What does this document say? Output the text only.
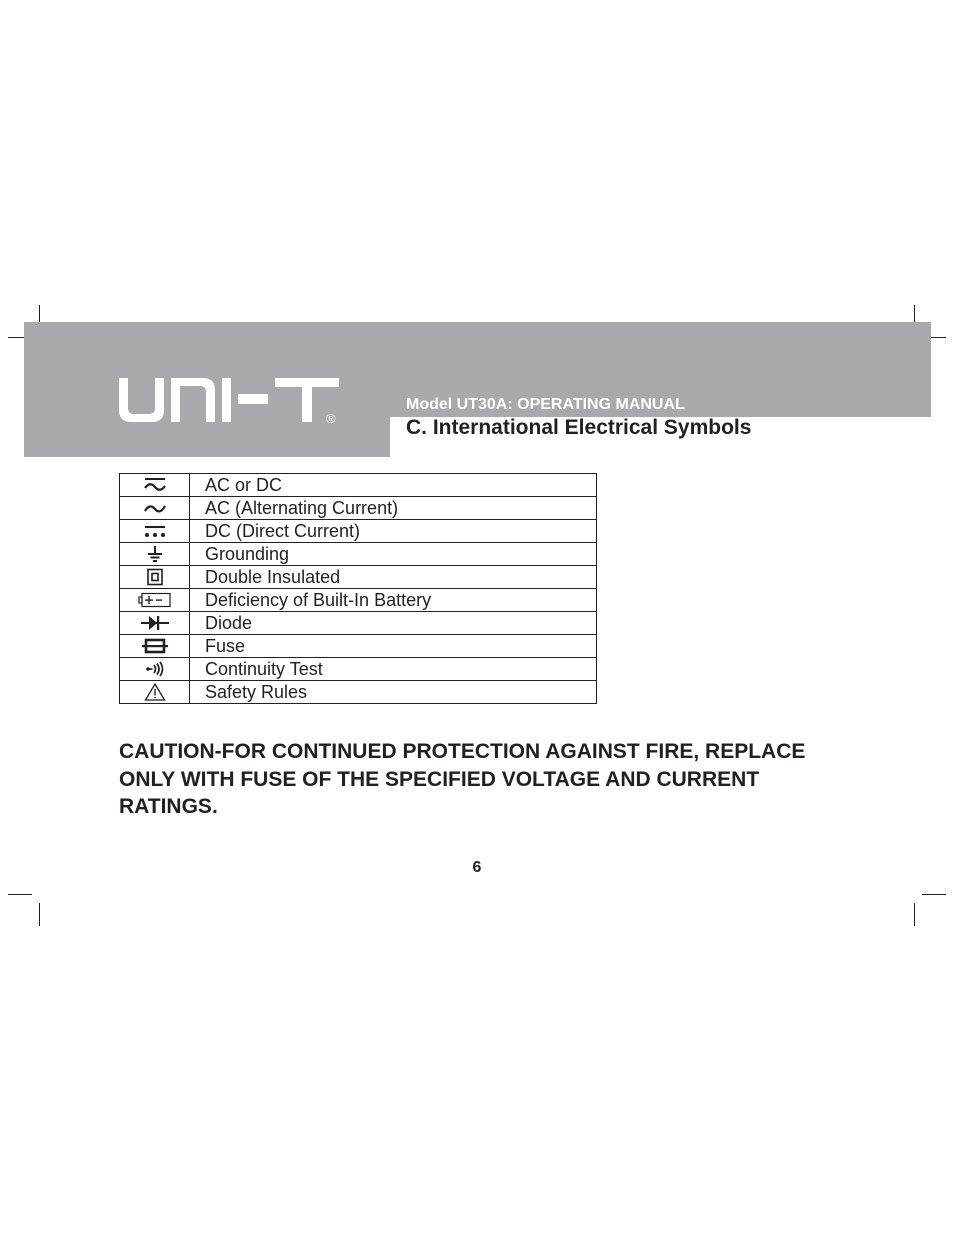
®
Model UT30A: OPERATING MANUAL
C. International Electrical Symbols
	AC or DC

	AC (Alternating Current)

	DC (Direct Current)

	Grounding

	Double Insulated

	Deficiency of Built-In Battery

	Diode

	Fuse

	Continuity Test

	Safety Rules
CAUTION-FOR CONTINUED PROTECTION AGAINST FIRE, REPLACE ONLY WITH FUSE OF THE SPECIFIED VOLTAGE AND CURRENT RATINGS.
6
